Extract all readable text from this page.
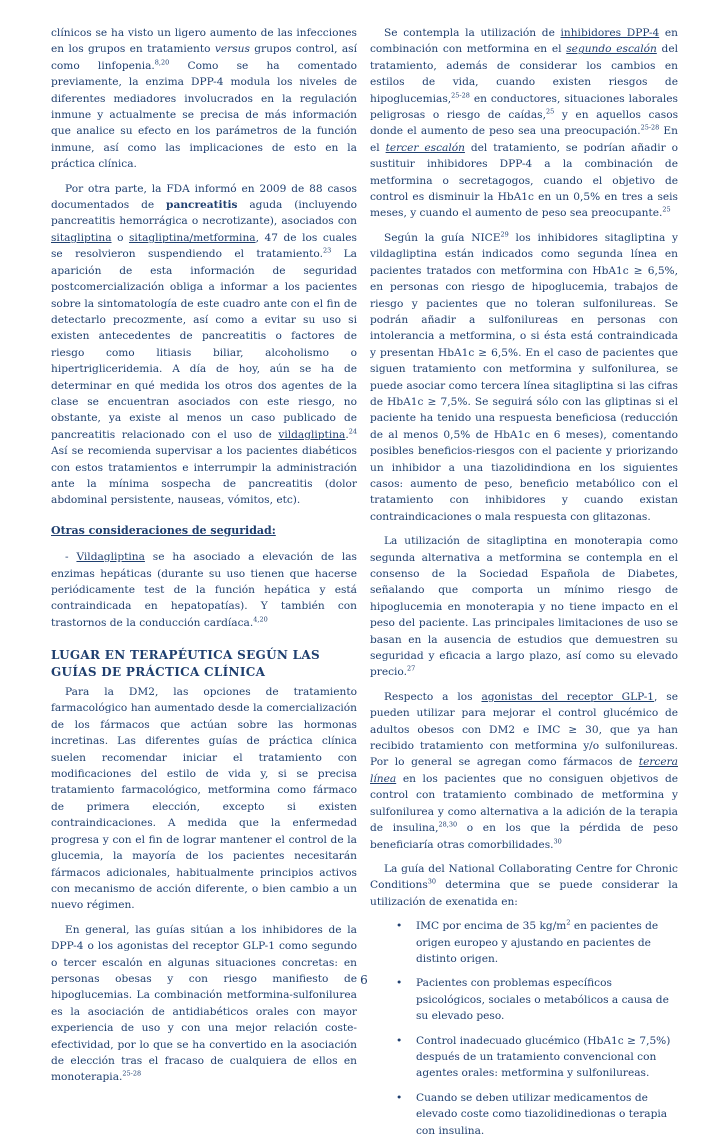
clínicos se ha visto un ligero aumento de las infecciones en los grupos en tratamiento versus grupos control, así como linfopenia.$^{8,20}$ Como se ha comentado previamente, la enzima DPP-4 modula los niveles de diferentes mediadores involucrados en la regulación inmune y actualmente se precisa de más información que analice su efecto en los parámetros de la función inmune, así como las implicaciones de esto en la práctica clínica.

Por otra parte, la FDA informó en 2009 de 88 casos documentados de pancreatitis aguda (incluyendo pancreatitis hemorrágica o necrotizante), asociados con sitagliptina o sitagliptina/metformina, 47 de los cuales se resolvieron suspendiendo el tratamiento.$^{23}$ La aparición de esta información de seguridad postcomercialización obliga a informar a los pacientes sobre la sintomatología de este cuadro ante con el fin de detectarlo precozmente, así como a evitar su uso si existen antecedentes de pancreatitis o factores de riesgo como litiasis biliar, alcoholismo o hipertrigliceridemia. A día de hoy, aún se ha de determinar en qué medida los otros dos agentes de la clase se encuentran asociados con este riesgo, no obstante, ya existe al menos un caso publicado de pancreatitis relacionado con el uso de vildagliptina.$^{24}$ Así se recomienda supervisar a los pacientes diabéticos con estos tratamientos e interrumpir la administración ante la mínima sospecha de pancreatitis (dolor abdominal persistente, nauseas, vómitos, etc).

Otras consideraciones de seguridad:

- Vildagliptina se ha asociado a elevación de las enzimas hepáticas (durante su uso tienen que hacerse periódicamente test de la función hepática y está contraindicada en hepatopatías). Y también con trastornos de la conducción cardíaca.$^{4,20}$

LUGAR EN TERAPÉUTICA SEGÚN LAS GUÍAS DE PRÁCTICA CLÍNICA

Para la DM2, las opciones de tratamiento farmacológico han aumentado desde la comercialización de los fármacos que actúan sobre las hormonas incretinas. Las diferentes guías de práctica clínica suelen recomendar iniciar el tratamiento con modificaciones del estilo de vida y, si se precisa tratamiento farmacológico, metformina como fármaco de primera elección, excepto si existen contraindicaciones. A medida que la enfermedad progresa y con el fin de lograr mantener el control de la glucemia, la mayoría de los pacientes necesitarán fármacos adicionales, habitualmente principios activos con mecanismo de acción diferente, o bien cambio a un nuevo régimen.

En general, las guías sitúan a los inhibidores de la DPP-4 o los agonistas del receptor GLP-1 como segundo o tercer escalón en algunas situaciones concretas: en personas obesas y con riesgo manifiesto de hipoglucemias. La combinación metformina-sulfonilurea es la asociación de antidiabéticos orales con mayor experiencia de uso y con una mejor relación coste-efectividad, por lo que se ha convertido en la asociación de elección tras el fracaso de cualquiera de ellos en monoterapia.$^{25-28}$

Se contempla la utilización de inhibidores DPP-4 en combinación con metformina en el segundo escalón del tratamiento, además de considerar los cambios en estilos de vida, cuando existen riesgos de hipoglucemias,$^{25-28}$ en conductores, situaciones laborales peligrosas o riesgo de caídas,$^{25}$ y en aquellos casos donde el aumento de peso sea una preocupación.$^{25-28}$ En el tercer escalón del tratamiento, se podrían añadir o sustituir inhibidores DPP-4 a la combinación de metformina o secretagogos, cuando el objetivo de control es disminuir la HbA1c en un 0,5% en tres a seis meses, y cuando el aumento de peso sea preocupante.$^{25}$

Según la guía NICE$^{29}$ los inhibidores sitagliptina y vildagliptina están indicados como segunda línea en pacientes tratados con metformina con HbA1c ≥ 6,5%, en personas con riesgo de hipoglucemia, trabajos de riesgo y pacientes que no toleran sulfonilureas. Se podrán añadir a sulfonilureas en personas con intolerancia a metformina, o si ésta está contraindicada y presentan HbA1c ≥ 6,5%. En el caso de pacientes que siguen tratamiento con metformina y sulfonilurea, se puede asociar como tercera línea sitagliptina si las cifras de HbA1c ≥ 7,5%. Se seguirá sólo con las gliptinas si el paciente ha tenido una respuesta beneficiosa (reducción de al menos 0,5% de HbA1c en 6 meses), comentando posibles beneficios-riesgos con el paciente y priorizando un inhibidor a una tiazolidindiona en los siguientes casos: aumento de peso, beneficio metabólico con el tratamiento con inhibidores y cuando existan contraindicaciones o mala respuesta con glitazonas.

La utilización de sitagliptina en monoterapia como segunda alternativa a metformina se contempla en el consenso de la Sociedad Española de Diabetes, señalando que comporta un mínimo riesgo de hipoglucemia en monoterapia y no tiene impacto en el peso del paciente. Las principales limitaciones de uso se basan en la ausencia de estudios que demuestren su seguridad y eficacia a largo plazo, así como su elevado precio.$^{27}$

Respecto a los agonistas del receptor GLP-1, se pueden utilizar para mejorar el control glucémico de adultos obesos con DM2 e IMC ≥ 30, que ya han recibido tratamiento con metformina y/o sulfonilureas. Por lo general se agregan como fármacos de tercera línea en los pacientes que no consiguen objetivos de control con tratamiento combinado de metformina y sulfonilurea y como alternativa a la adición de la terapia de insulina,$^{28,30}$ o en los que la pérdida de peso beneficiaría otras comorbilidades.$^{30}$

La guía del National Collaborating Centre for Chronic Conditions$^{30}$ determina que se puede considerar la utilización de exenatida en:

• IMC por encima de 35 $kg/m^2$ en pacientes de origen europeo y ajustando en pacientes de distinto origen.
• Pacientes con problemas específicos psicológicos, sociales o metabólicos a causa de su elevado peso.
• Control inadecuado glucémico (HbA1c ≥ 7,5%) después de un tratamiento convencional con agentes orales: metformina y sulfonilureas.
• Cuando se deben utilizar medicamentos de elevado coste como tiazolidinedionas o terapia con insulina.
6
